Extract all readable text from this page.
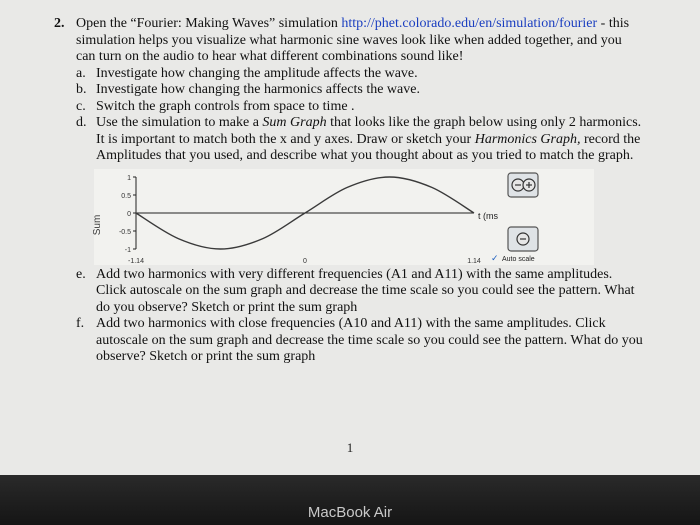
2. Open the “Fourier: Making Waves” simulation http://phet.colorado.edu/en/simulation/fourier - this simulation helps you visualize what harmonic sine waves look like when added together, and you can turn on the audio to hear what different combinations sound like!
a. Investigate how changing the amplitude affects the wave.
b. Investigate how changing the harmonics affects the wave.
c. Switch the graph controls from space to time .
d. Use the simulation to make a Sum Graph that looks like the graph below using only 2 harmonics. It is important to match both the x and y axes. Draw or sketch your Harmonics Graph, record the Amplitudes that you used, and describe what you thought about as you tried to match the graph.
Sum
1
0.5
0
-0.5
-1
-1.14	0	1.14
t (ms
✓ Auto scale
e. Add two harmonics with very different frequencies (A1 and A11) with the same amplitudes. Click autoscale on the sum graph and decrease the time scale so you could see the pattern. What do you observe? Sketch or print the sum graph
f. Add two harmonics with close frequencies (A10 and A11) with the same amplitudes. Click autoscale on the sum graph and decrease the time scale so you could see the pattern. What do you observe? Sketch or print the sum graph
1
MacBook Air
